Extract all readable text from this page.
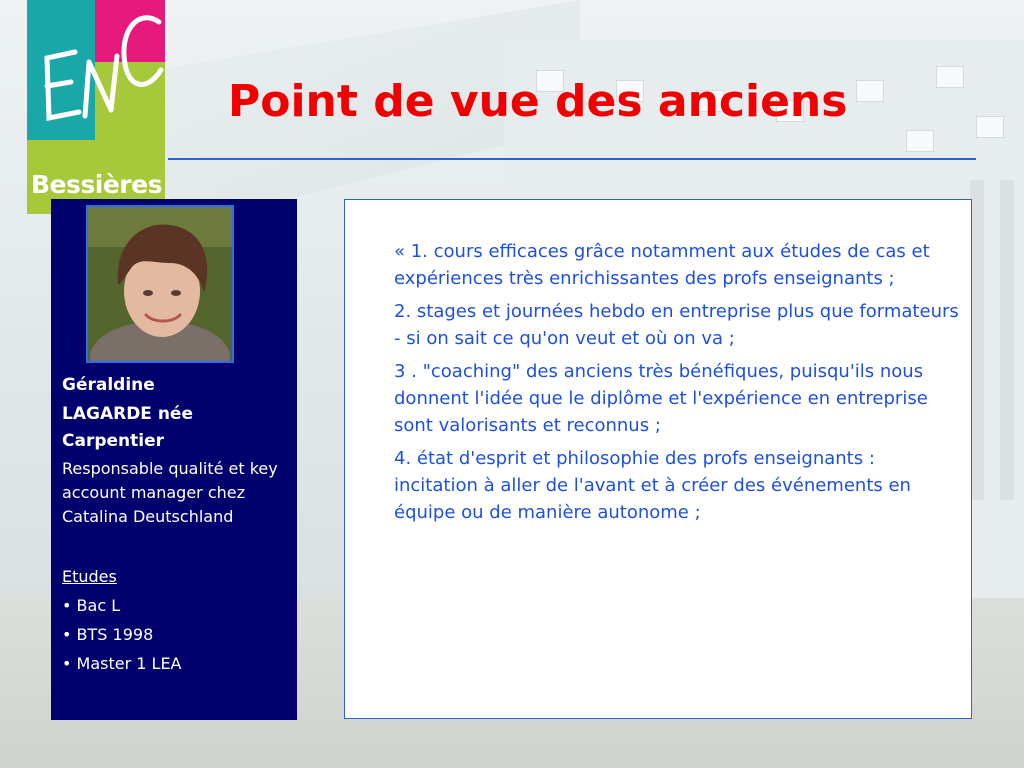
Bessières
Point de vue des anciens
Géraldine
LAGARDE née
Carpentier

Responsable qualité et key account manager chez Catalina Deutschland

Etudes

• Bac L
• BTS 1998
• Master 1 LEA

« 1. cours efficaces grâce notamment aux études de cas et expériences très enrichissantes des profs enseignants ;

2. stages et journées hebdo en entreprise plus que formateurs - si on sait ce qu'on veut et où on va ;

3 . "coaching" des anciens très bénéfiques, puisqu'ils nous donnent l'idée que le diplôme et l'expérience en entreprise sont valorisants et reconnus ;

4. état d'esprit et philosophie des profs enseignants : incitation à aller de l'avant et à créer des événements en équipe ou de manière autonome ;
